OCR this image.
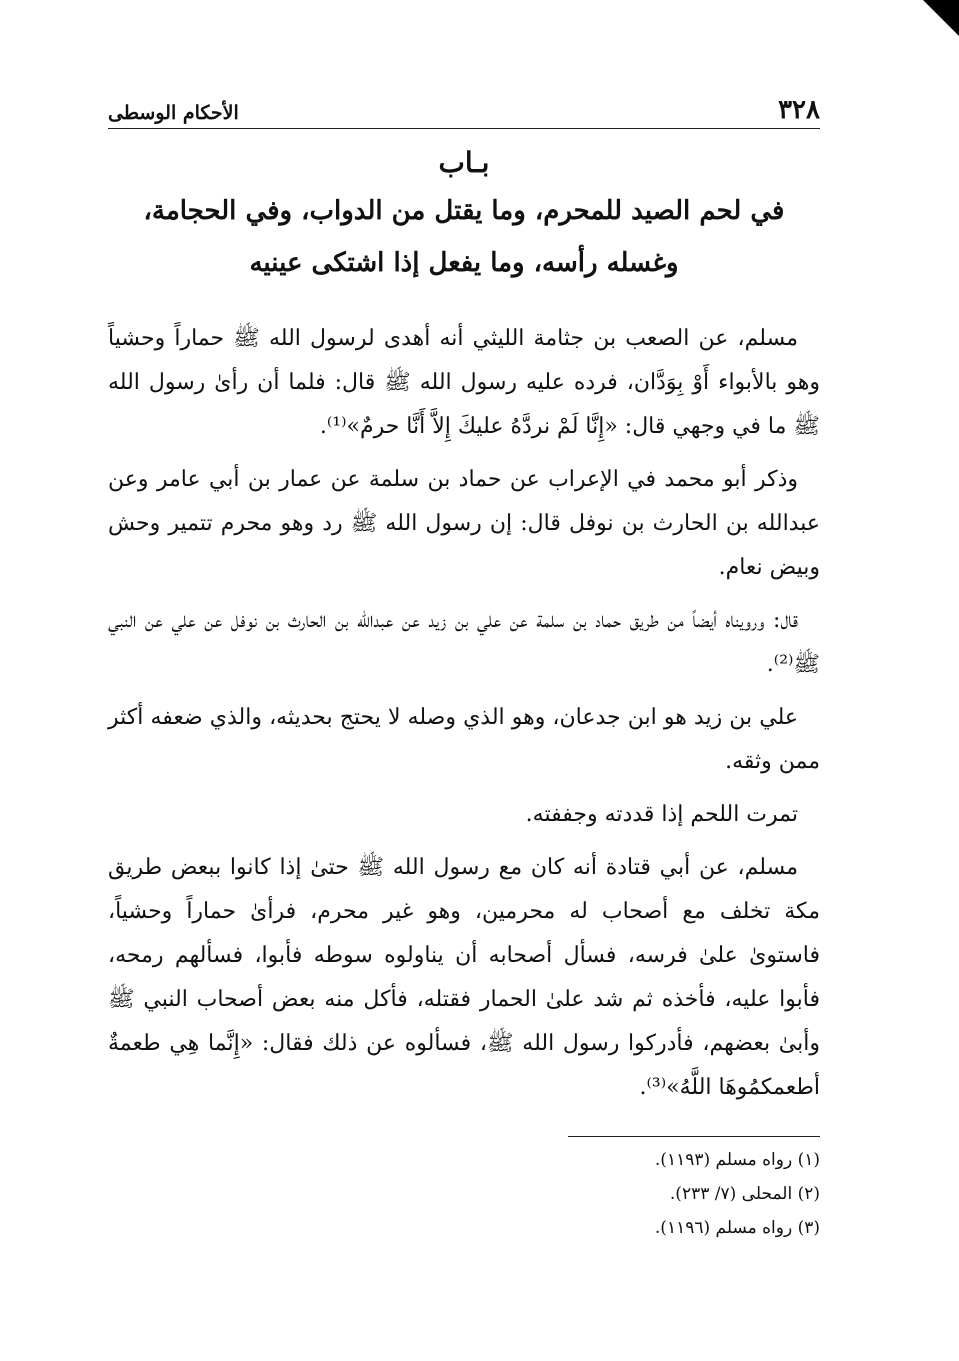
٣٢٨
الأحكام الوسطى
بـاب
في لحم الصيد للمحرم، وما يقتل من الدواب، وفي الحجامة،
وغسله رأسه، وما يفعل إذا اشتكى عينيه

مسلم، عن الصعب بن جثامة الليثي أنه أهدى لرسول الله ﷺ حماراً وحشياً وهو بالأبواء أَوْ بِوَدَّان، فرده عليه رسول الله ﷺ قال: فلما أن رأىٰ رسول الله ﷺ ما في وجهي قال: «إِنَّا لَمْ نردَّهُ عليكَ إِلاَّ أَنَّا حرمٌ»⁽¹⁾.

وذكر أبو محمد في الإعراب عن حماد بن سلمة عن عمار بن أبي عامر وعن عبدالله بن الحارث بن نوفل قال: إن رسول الله ﷺ رد وهو محرم تتمير وحش وبيض نعام.

قال: ورويناه أيضاً من طريق حماد بن سلمة عن علي بن زيد عن عبدالله بن الحارث بن نوفل عن علي عن النبي ﷺ⁽²⁾.

علي بن زيد هو ابن جدعان، وهو الذي وصله لا يحتج بحديثه، والذي ضعفه أكثر ممن وثقه.

تمرت اللحم إذا قددته وجففته.

مسلم، عن أبي قتادة أنه كان مع رسول الله ﷺ حتىٰ إذا كانوا ببعض طريق مكة تخلف مع أصحاب له محرمين، وهو غير محرم، فرأىٰ حماراً وحشياً، فاستوىٰ علىٰ فرسه، فسأل أصحابه أن يناولوه سوطه فأبوا، فسألهم رمحه، فأبوا عليه، فأخذه ثم شد علىٰ الحمار فقتله، فأكل منه بعض أصحاب النبي ﷺ وأبىٰ بعضهم، فأدركوا رسول الله ﷺ، فسألوه عن ذلك فقال: «إِنَّما هِي طعمةٌ أطعمكمُوهَا اللَّهُ»⁽³⁾.

(١) رواه مسلم (١١٩٣).
(٢) المحلى (٧/ ٢٣٣).
(٣) رواه مسلم (١١٩٦).
